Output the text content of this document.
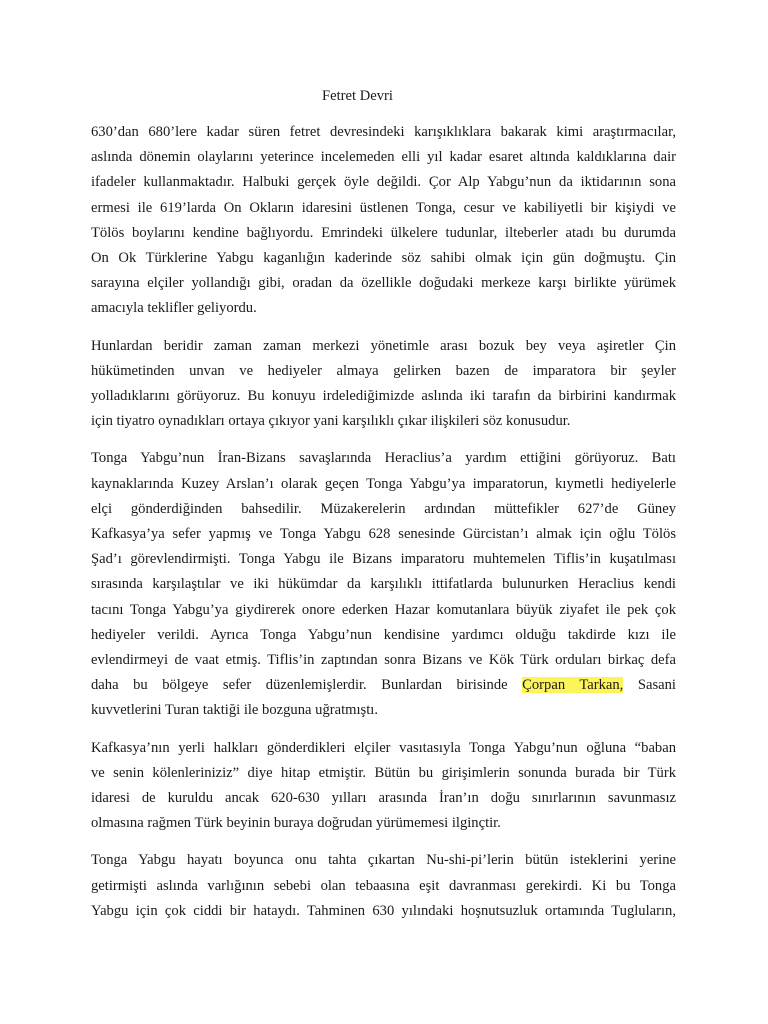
Fetret Devri
630’dan 680’lere kadar süren fetret devresindeki karışıklıklara bakarak kimi araştırmacılar,
aslında dönemin olaylarını yeterince incelemeden elli yıl kadar esaret altında kaldıklarına dair
ifadeler kullanmaktadır. Halbuki gerçek öyle değildi. Çor Alp Yabgu’nun da iktidarının sona
ermesi ile 619’larda On Okların idaresini üstlenen Tonga, cesur ve kabiliyetli bir kişiydi ve
Tölös boylarını kendine bağlıyordu. Emrindeki ülkelere tudunlar, ilteberler atadı bu durumda
On Ok Türklerine Yabgu kaganlığın kaderinde söz sahibi olmak için gün doğmuştu. Çin
sarayına elçiler yollandığı gibi, oradan da özellikle doğudaki merkeze karşı birlikte yürümek
amacıyla teklifler geliyordu.
Hunlardan beridir zaman zaman merkezi yönetimle arası bozuk bey veya aşiretler Çin
hükümetinden unvan ve hediyeler almaya gelirken bazen de imparatora bir şeyler
yolladıklarını görüyoruz. Bu konuyu irdelediğimizde aslında iki tarafın da birbirini kandırmak
için tiyatro oynadıkları ortaya çıkıyor yani karşılıklı çıkar ilişkileri söz konusudur.
Tonga Yabgu’nun İran-Bizans savaşlarında Heraclius’a yardım ettiğini görüyoruz. Batı
kaynaklarında Kuzey Arslan’ı olarak geçen Tonga Yabgu’ya imparatorun, kıymetli hediyelerle
elçi gönderdiğinden bahsedilir. Müzakerelerin ardından müttefikler 627’de Güney
Kafkasya’ya sefer yapmış ve Tonga Yabgu 628 senesinde Gürcistan’ı almak için oğlu Tölös
Şad’ı görevlendirmişti. Tonga Yabgu ile Bizans imparatoru muhtemelen Tiflis’in kuşatılması
sırasında karşılaştılar ve iki hükümdar da karşılıklı ittifatlarda bulunurken Heraclius kendi
tacını Tonga Yabgu’ya giydirerek onore ederken Hazar komutanlara büyük ziyafet ile pek çok
hediyeler verildi. Ayrıca Tonga Yabgu’nun kendisine yardımcı olduğu takdirde kızı ile
evlendirmeyi de vaat etmiş. Tiflis’in zaptından sonra Bizans ve Kök Türk orduları birkaç defa
daha bu bölgeye sefer düzenlemişlerdir. Bunlardan birisinde Çorpan Tarkan, Sasani
kuvvetlerini Turan taktiği ile bozguna uğratmıştı.
Kafkasya’nın yerli halkları gönderdikleri elçiler vasıtasıyla Tonga Yabgu’nun oğluna “baban
ve senin kölenleriniziz” diye hitap etmiştir. Bütün bu girişimlerin sonunda burada bir Türk
idaresi de kuruldu ancak 620-630 yılları arasında İran’ın doğu sınırlarının savunmasız
olmasına rağmen Türk beyinin buraya doğrudan yürümemesi ilginçtir.
Tonga Yabgu hayatı boyunca onu tahta çıkartan Nu-shi-pi’lerin bütün isteklerini yerine
getirmişti aslında varlığının sebebi olan tebaasına eşit davranması gerekirdi. Ki bu Tonga
Yabgu için çok ciddi bir hataydı. Tahminen 630 yılındaki hoşnutsuzluk ortamında Tugluların,
